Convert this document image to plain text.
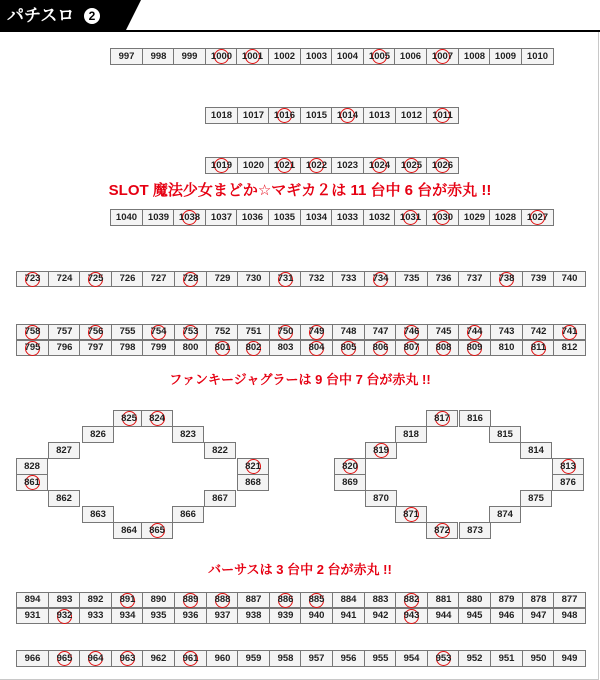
パチスロ	2
SLOT 魔法少女まどか☆マギカ２は 11 台中 6 台が赤丸 !!
ファンキージャグラーは 9 台中 7 台が赤丸 !!
バーサスは 3 台中 2 台が赤丸 !!
997	998	999	1000	1001	1002	1003	1004	1005	1006	1007	1008	1009	1010
1018	1017	1016	1015	1014	1013	1012	1011
1019	1020	1021	1022	1023	1024	1025	1026
1040	1039	1038	1037	1036	1035	1034	1033	1032	1031	1030	1029	1028	1027
723	724	725	726	727	728	729	730	731	732	733	734	735	736	737	738	739	740
758	757	756	755	754	753	752	751	750	749	748	747	746	745	744	743	742	741
795	796	797	798	799	800	801	802	803	804	805	806	807	808	809	810	811	812
894	893	892	891	890	889	888	887	886	885	884	883	882	881	880	879	878	877
931	932	933	934	935	936	937	938	939	940	941	942	943	944	945	946	947	948
966	965	964	963	962	961	960	959	958	957	956	955	954	953	952	951	950	949
825	824
826	823
827	822
828	821
861	868
862	867
863	866
864	865
817	816
818	815
819	814
820	813
869	876
870	875
871	874
872	873
